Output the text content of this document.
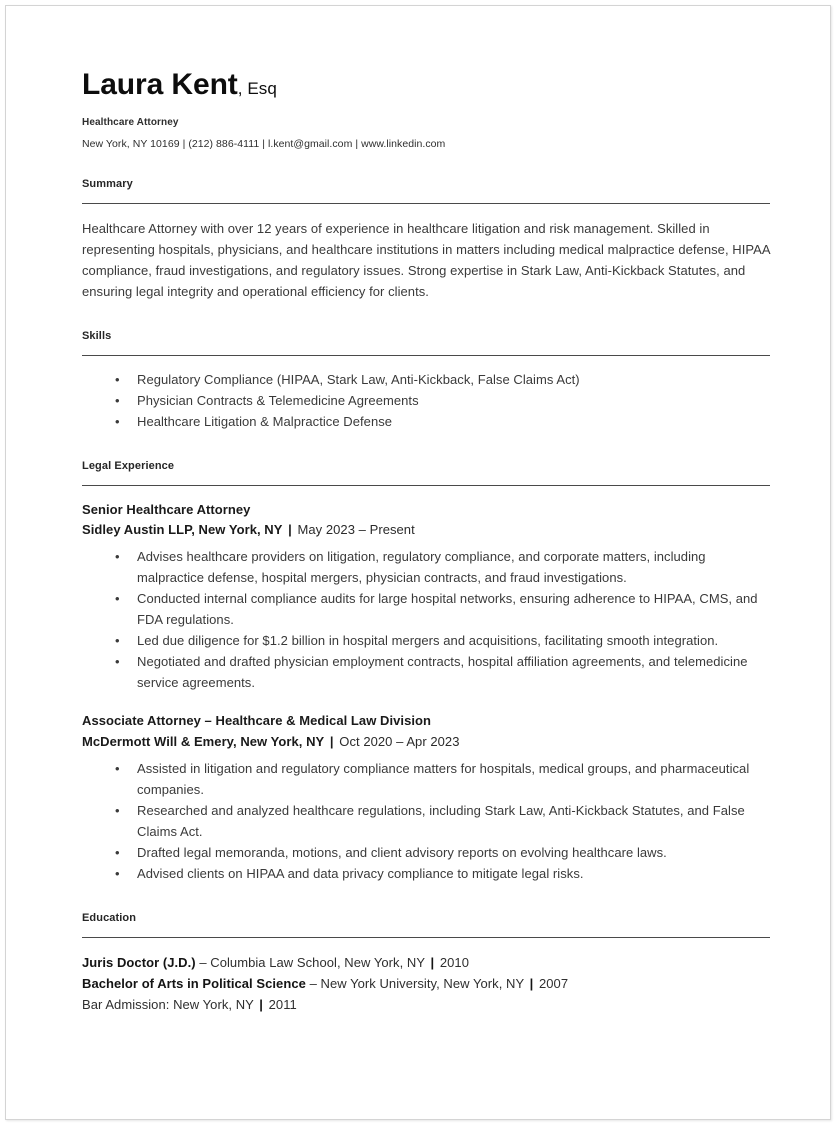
Laura Kent, Esq
Healthcare Attorney
New York, NY 10169 | (212) 886-4111 | l.kent@gmail.com | www.linkedin.com
Summary

Healthcare Attorney with over 12 years of experience in healthcare litigation and risk management. Skilled in representing hospitals, physicians, and healthcare institutions in matters including medical malpractice defense, HIPAA compliance, fraud investigations, and regulatory issues. Strong expertise in Stark Law, Anti-Kickback Statutes, and ensuring legal integrity and operational efficiency for clients.

Skills
• Regulatory Compliance (HIPAA, Stark Law, Anti-Kickback, False Claims Act)
• Physician Contracts & Telemedicine Agreements
• Healthcare Litigation & Malpractice Defense
Legal Experience
Senior Healthcare Attorney
Sidley Austin LLP, New York, NY | May 2023 – Present
• Advises healthcare providers on litigation, regulatory compliance, and corporate matters, including malpractice defense, hospital mergers, physician contracts, and fraud investigations.
• Conducted internal compliance audits for large hospital networks, ensuring adherence to HIPAA, CMS, and FDA regulations.
• Led due diligence for $1.2 billion in hospital mergers and acquisitions, facilitating smooth integration.
• Negotiated and drafted physician employment contracts, hospital affiliation agreements, and telemedicine service agreements.
Associate Attorney – Healthcare & Medical Law Division
McDermott Will & Emery, New York, NY | Oct 2020 – Apr 2023
• Assisted in litigation and regulatory compliance matters for hospitals, medical groups, and pharmaceutical companies.
• Researched and analyzed healthcare regulations, including Stark Law, Anti-Kickback Statutes, and False Claims Act.
• Drafted legal memoranda, motions, and client advisory reports on evolving healthcare laws.
• Advised clients on HIPAA and data privacy compliance to mitigate legal risks.
Education
Juris Doctor (J.D.) – Columbia Law School, New York, NY | 2010
Bachelor of Arts in Political Science – New York University, New York, NY | 2007
Bar Admission: New York, NY | 2011
